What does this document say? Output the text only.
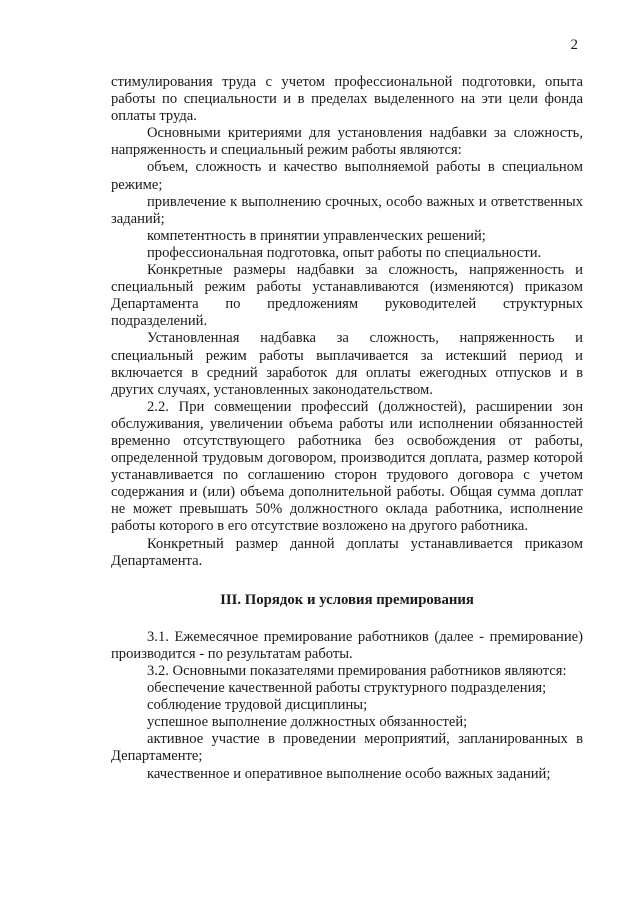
2

стимулирования труда с учетом профессиональной подготовки, опыта работы по специальности и в пределах выделенного на эти цели фонда оплаты труда.

Основными критериями для установления надбавки за сложность, напряженность и специальный режим работы являются:

объем, сложность и качество выполняемой работы в специальном режиме;

привлечение к выполнению срочных, особо важных и ответственных заданий;

компетентность в принятии управленческих решений;

профессиональная подготовка, опыт работы по специальности.

Конкретные размеры надбавки за сложность, напряженность и специальный режим работы устанавливаются (изменяются) приказом Департамента по предложениям руководителей структурных подразделений.

Установленная надбавка за сложность, напряженность и специальный режим работы выплачивается за истекший период и включается в средний заработок для оплаты ежегодных отпусков и в других случаях, установленных законодательством.

2.2. При совмещении профессий (должностей), расширении зон обслуживания, увеличении объема работы или исполнении обязанностей временно отсутствующего работника без освобождения от работы, определенной трудовым договором, производится доплата, размер которой устанавливается по соглашению сторон трудового договора с учетом содержания и (или) объема дополнительной работы. Общая сумма доплат не может превышать 50% должностного оклада работника, исполнение работы которого в его отсутствие возложено на другого работника.

Конкретный размер данной доплаты устанавливается приказом Департамента.

III. Порядок и условия премирования

3.1. Ежемесячное премирование работников (далее - премирование) производится - по результатам работы.

3.2. Основными показателями премирования работников являются:

обеспечение качественной работы структурного подразделения;

соблюдение трудовой дисциплины;

успешное выполнение должностных обязанностей;

активное участие в проведении мероприятий, запланированных в Департаменте;

качественное и оперативное выполнение особо важных заданий;
